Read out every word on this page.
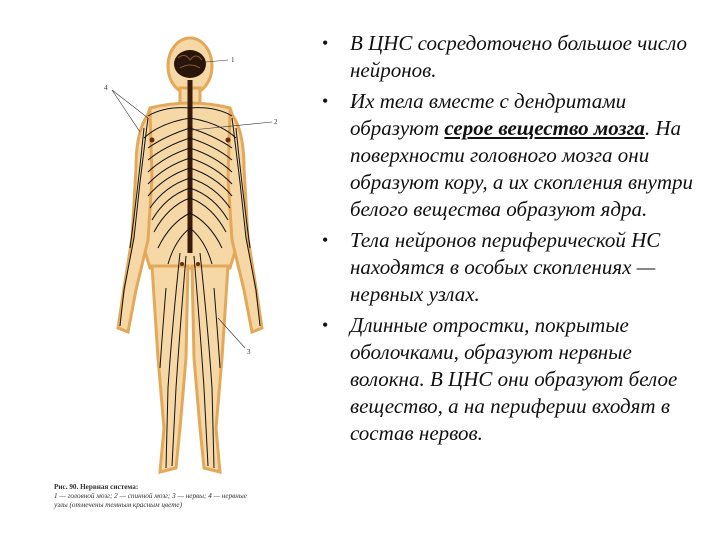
1
2
3
4
Рис. 90. Нервная система:
1 — головной мозг; 2 — спинной мозг; 3 — нервы; 4 — нервные
узлы (отмечены темным красным цвете)
• В ЦНС сосредоточено большое число нейронов.
• Их тела вместе с дендритами образуют серое вещество мозга. На поверхности головного мозга они образуют кору, а их скопления внутри белого вещества образуют ядра.
• Тела нейронов периферической НС находятся в особых скоплениях — нервных узлах.
• Длинные отростки, покрытые оболочками, образуют нервные волокна. В ЦНС они образуют белое вещество, а на периферии входят в состав нервов.
